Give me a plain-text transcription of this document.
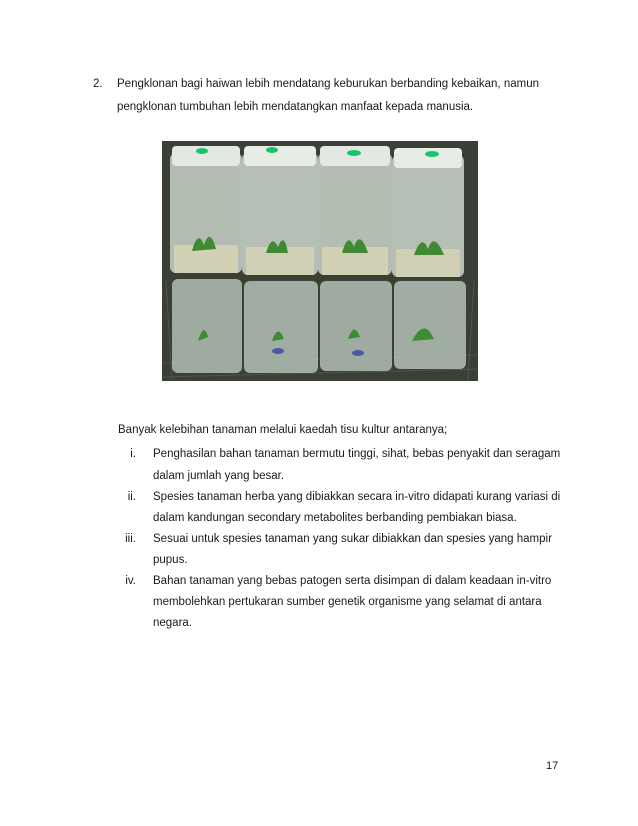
2. Pengklonan bagi haiwan lebih mendatang keburukan berbanding kebaikan, namun
pengklonan tumbuhan lebih mendatangkan manfaat kepada manusia.
Banyak kelebihan tanaman melalui kaedah tisu kultur antaranya;
i. Penghasilan bahan tanaman bermutu tinggi, sihat, bebas penyakit dan seragam
dalam jumlah yang besar.
ii. Spesies tanaman herba yang dibiakkan secara in-vitro didapati kurang variasi di
dalam kandungan secondary metabolites berbanding pembiakan biasa.
iii. Sesuai untuk spesies tanaman yang sukar dibiakkan dan spesies yang hampir
pupus.
iv. Bahan tanaman yang bebas patogen serta disimpan di dalam keadaan in-vitro
membolehkan pertukaran sumber genetik organisme yang selamat di antara
negara.
17
